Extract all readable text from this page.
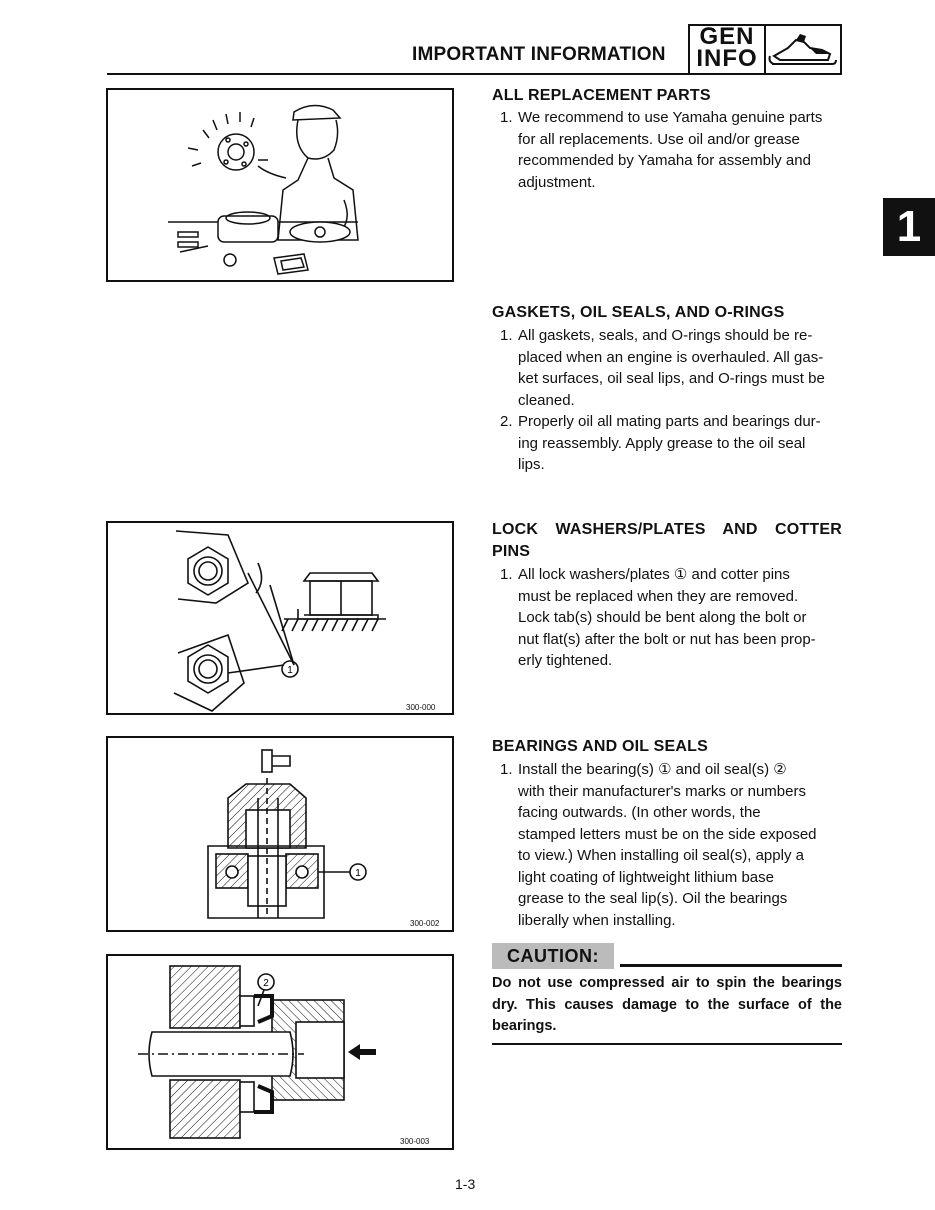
IMPORTANT INFORMATION
GEN
INFO
1
1
300-000
1
300-002
2
300-003
ALL REPLACEMENT PARTS
1. We recommend to use Yamaha genuine parts
for all replacements. Use oil and/or grease
recommended by Yamaha for assembly and
adjustment.
GASKETS, OIL SEALS, AND O-RINGS
1. All gaskets, seals, and O-rings should be re-
placed when an engine is overhauled. All gas-
ket surfaces, oil seal lips, and O-rings must be
cleaned.
2. Properly oil all mating parts and bearings dur-
ing reassembly. Apply grease to the oil seal
lips.
LOCK WASHERS/PLATES AND COTTER
PINS
1. All lock washers/plates ① and cotter pins
must be replaced when they are removed.
Lock tab(s) should be bent along the bolt or
nut flat(s) after the bolt or nut has been prop-
erly tightened.
BEARINGS AND OIL SEALS
1. Install the bearing(s) ① and oil seal(s) ②
with their manufacturer's marks or numbers
facing outwards. (In other words, the
stamped letters must be on the side exposed
to view.) When installing oil seal(s), apply a
light coating of lightweight lithium base
grease to the seal lip(s). Oil the bearings
liberally when installing.
CAUTION:
Do not use compressed air to spin the bearings dry. This causes damage to the surface of the bearings.
1-3
